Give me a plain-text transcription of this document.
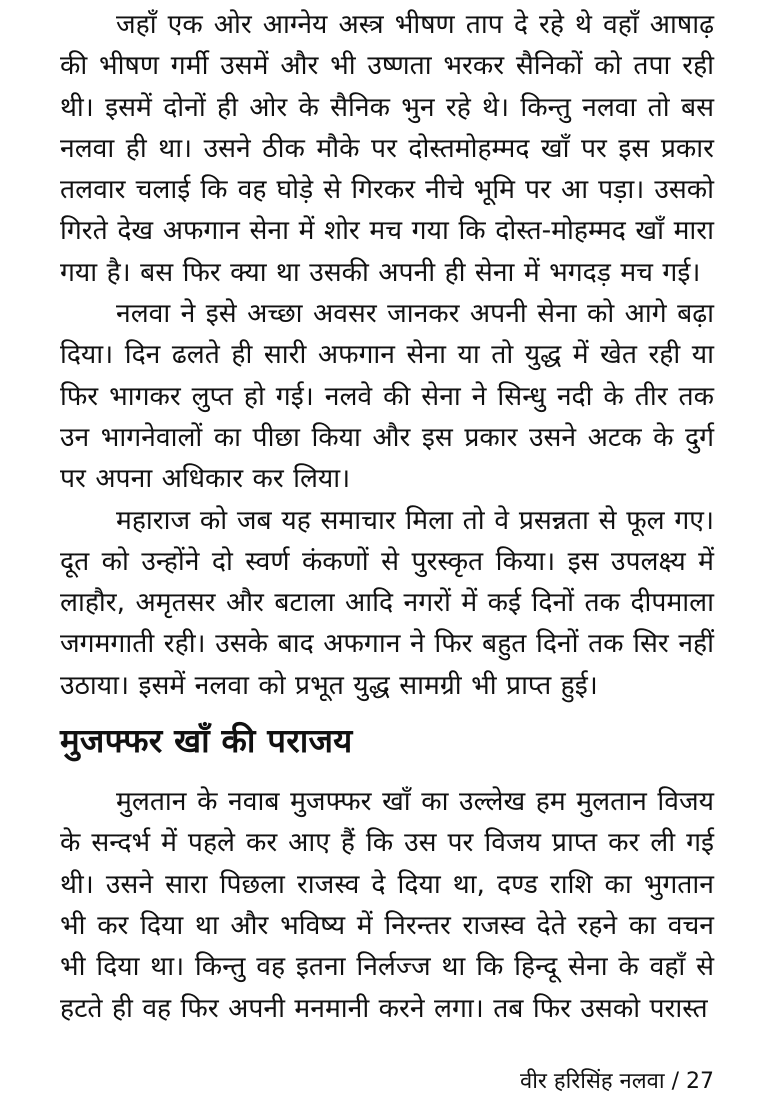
जहाँ एक ओर आग्नेय अस्त्र भीषण ताप दे रहे थे वहाँ आषाढ़ की भीषण गर्मी उसमें और भी उष्णता भरकर सैनिकों को तपा रही थी। इसमें दोनों ही ओर के सैनिक भुन रहे थे। किन्तु नलवा तो बस नलवा ही था। उसने ठीक मौके पर दोस्तमोहम्मद खाँ पर इस प्रकार तलवार चलाई कि वह घोड़े से गिरकर नीचे भूमि पर आ पड़ा। उसको गिरते देख अफगान सेना में शोर मच गया कि दोस्त-मोहम्मद खाँ मारा गया है। बस फिर क्या था उसकी अपनी ही सेना में भगदड़ मच गई।

नलवा ने इसे अच्छा अवसर जानकर अपनी सेना को आगे बढ़ा दिया। दिन ढलते ही सारी अफगान सेना या तो युद्ध में खेत रही या फिर भागकर लुप्त हो गई। नलवे की सेना ने सिन्धु नदी के तीर तक उन भागनेवालों का पीछा किया और इस प्रकार उसने अटक के दुर्ग पर अपना अधिकार कर लिया।

महाराज को जब यह समाचार मिला तो वे प्रसन्नता से फूल गए। दूत को उन्होंने दो स्वर्ण कंकणों से पुरस्कृत किया। इस उपलक्ष्य में लाहौर, अमृतसर और बटाला आदि नगरों में कई दिनों तक दीपमाला जगमगाती रही। उसके बाद अफगान ने फिर बहुत दिनों तक सिर नहीं उठाया। इसमें नलवा को प्रभूत युद्ध सामग्री भी प्राप्त हुई।

मुजफ्फर खाँ की पराजय

मुलतान के नवाब मुजफ्फर खाँ का उल्लेख हम मुलतान विजय के सन्दर्भ में पहले कर आए हैं कि उस पर विजय प्राप्त कर ली गई थी। उसने सारा पिछला राजस्व दे दिया था, दण्ड राशि का भुगतान भी कर दिया था और भविष्य में निरन्तर राजस्व देते रहने का वचन भी दिया था। किन्तु वह इतना निर्लज्ज था कि हिन्दू सेना के वहाँ से हटते ही वह फिर अपनी मनमानी करने लगा। तब फिर उसको परास्त

वीर हरिसिंह नलवा / 27
